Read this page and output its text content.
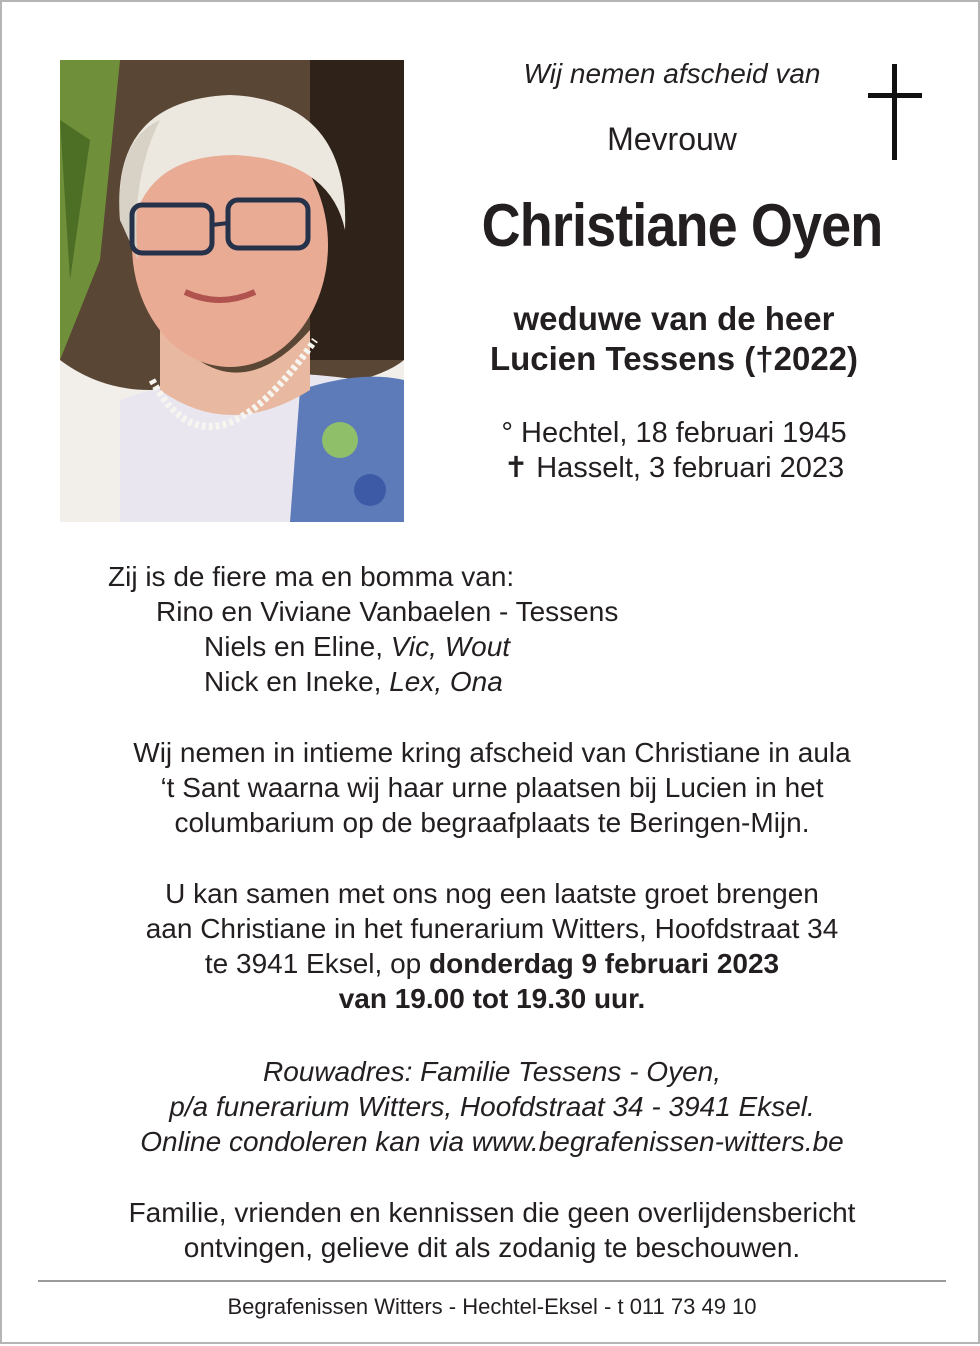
Wij nemen afscheid van
Mevrouw
Christiane Oyen
weduwe van de heer
Lucien Tessens (†2022)
° Hechtel, 18 februari 1945
✝ Hasselt, 3 februari 2023
Zij is de fiere ma en bomma van:
Rino en Viviane Vanbaelen - Tessens
Niels en Eline, Vic, Wout
Nick en Ineke, Lex, Ona
Wij nemen in intieme kring afscheid van Christiane in aula
‘t Sant waarna wij haar urne plaatsen bij Lucien in het
columbarium op de begraafplaats te Beringen-Mijn.
U kan samen met ons nog een laatste groet brengen
aan Christiane in het funerarium Witters, Hoofdstraat 34
te 3941 Eksel, op donderdag 9 februari 2023
van 19.00 tot 19.30 uur.
Rouwadres: Familie Tessens - Oyen,
p/a funerarium Witters, Hoofdstraat 34 - 3941 Eksel.
Online condoleren kan via www.begrafenissen-witters.be
Familie, vrienden en kennissen die geen overlijdensbericht
ontvingen, gelieve dit als zodanig te beschouwen.
Begrafenissen Witters - Hechtel-Eksel - t 011 73 49 10
